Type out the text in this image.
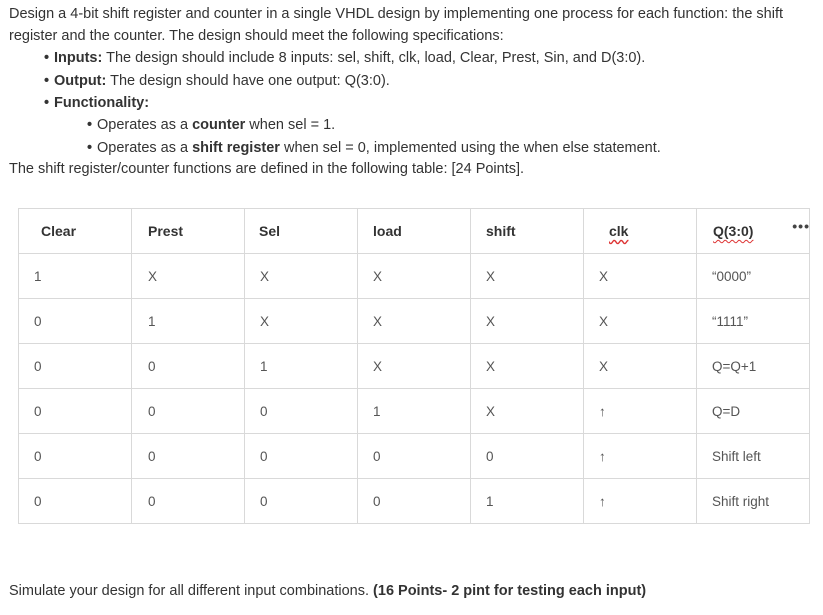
Design a 4-bit shift register and counter in a single VHDL design by implementing one process for each function: the shift register and the counter. The design should meet the following specifications:
• Inputs: The design should include 8 inputs: sel, shift, clk, load, Clear, Prest, Sin, and D(3:0).
• Output: The design should have one output: Q(3:0).
• Functionality:
• Operates as a counter when sel = 1.
• Operates as a shift register when sel = 0, implemented using the when else statement.
The shift register/counter functions are defined in the following table: [24 Points].
Clear	Prest	Sel	load	shift	clk	Q(3:0) •••

1	X	X	X	X	X	“0000”
0	1	X	X	X	X	“1111”
0	0	1	X	X	X	Q=Q+1
0	0	0	1	X	↑	Q=D
0	0	0	0	0	↑	Shift left
0	0	0	0	1	↑	Shift right
Simulate your design for all different input combinations. (16 Points- 2 pint for testing each input)
